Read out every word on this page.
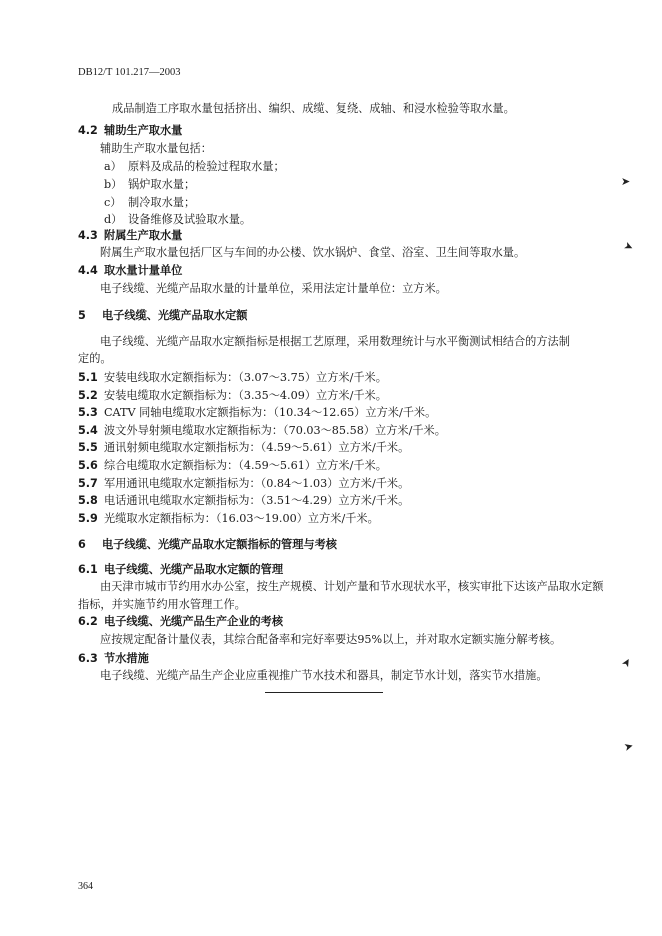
DB12/T 101.217—2003
成品制造工序取水量包括挤出、编织、成缆、复绕、成轴、和浸水检验等取水量。
4.2 辅助生产取水量
辅助生产取水量包括：
a） 原料及成品的检验过程取水量；
b） 锅炉取水量；
c） 制冷取水量；
d） 设备维修及试验取水量。
4.3 附属生产取水量
附属生产取水量包括厂区与车间的办公楼、饮水锅炉、食堂、浴室、卫生间等取水量。
4.4 取水量计量单位
电子线缆、光缆产品取水量的计量单位，采用法定计量单位：立方米。
5 电子线缆、光缆产品取水定额
电子线缆、光缆产品取水定额指标是根据工艺原理，采用数理统计与水平衡测试相结合的方法制
定的。
5.1 安装电线取水定额指标为：（3.07～3.75）立方米/千米。
5.2 安装电缆取水定额指标为：（3.35～4.09）立方米/千米。
5.3 CATV 同轴电缆取水定额指标为：（10.34～12.65）立方米/千米。
5.4 波文外导射频电缆取水定额指标为：（70.03～85.58）立方米/千米。
5.5 通讯射频电缆取水定额指标为：（4.59～5.61）立方米/千米。
5.6 综合电缆取水定额指标为：（4.59～5.61）立方米/千米。
5.7 军用通讯电缆取水定额指标为：（0.84～1.03）立方米/千米。
5.8 电话通讯电缆取水定额指标为：（3.51～4.29）立方米/千米。
5.9 光缆取水定额指标为：（16.03～19.00）立方米/千米。
6 电子线缆、光缆产品取水定额指标的管理与考核
6.1 电子线缆、光缆产品取水定额的管理
由天津市城市节约用水办公室，按生产规模、计划产量和节水现状水平，核实审批下达该产品取水定额
指标，并实施节约用水管理工作。
6.2 电子线缆、光缆产品生产企业的考核
应按规定配备计量仪表，其综合配备率和完好率要达95%以上，并对取水定额实施分解考核。
6.3 节水措施
电子线缆、光缆产品生产企业应重视推广节水技术和器具，制定节水计划，落实节水措施。
➤
➤
➤
➤
364
